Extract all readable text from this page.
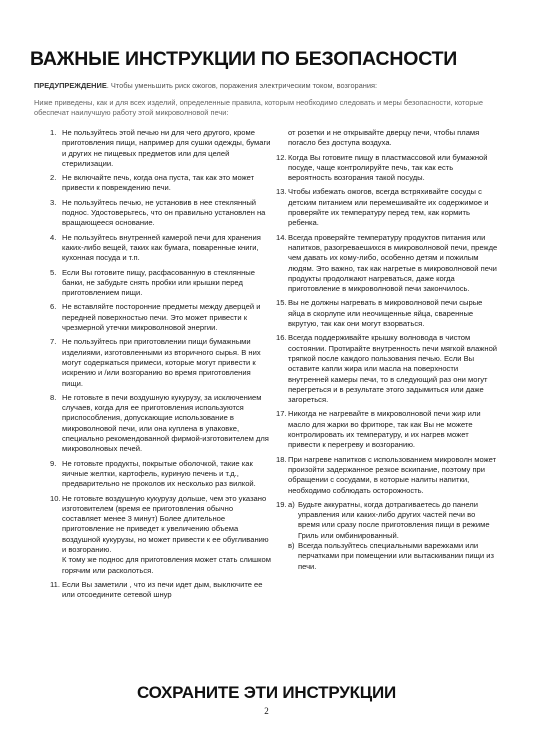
ВАЖНЫЕ ИНСТРУКЦИИ ПО БЕЗОПАСНОСТИ
ПРЕДУПРЕЖДЕНИЕ. Чтобы уменьшить риск ожогов, поражения электрическим током, возгорания:
Ниже приведены, как и для всех изделий, определенные правила, которым необходимо следовать и меры безопасности, которые обеспечат наилучшую работу этой микроволновой печи:
1. Не пользуйтесь этой печью ни для чего другого, кроме приготовления пищи, например для сушки одежды, бумаги и других не пищевых предметов или для целей стерилизации.
2. Не включайте печь, когда она пуста, так как это может привести к повреждению печи.
3. Не пользуйтесь печью, не установив в нее стеклянный поднос. Удостоверьтесь, что он правильно установлен на вращающееся основание.
4. Не пользуйтесь внутренней камерой печи для хранения каких-либо вещей, таких как бумага, поваренные книги, кухонная посуда и т.п.
5. Если Вы готовите пищу, расфасованную в стеклянные банки, не забудьте снять пробки или крышки перед приготовлением пищи.
6. Не вставляйте посторонние предметы между дверцей и передней поверхностью печи. Это может привести к чрезмерной утечки микроволновой энергии.
7. Не пользуйтесь при приготовлении пищи бумажными изделиями, изготовленными из вторичного сырья. В них могут содержаться примеси, которые могут привести к искрению и /или возгоранию во время приготовления пищи.
8. Не готовьте в печи воздушную кукурузу, за исключением случаев, когда для ее приготовления используются приспособления, допускающие использование в микроволновой печи, или она куплена в упаковке, специально рекомендованной фирмой-изготовителем для микроволновых печей.
9. Не готовьте продукты, покрытые оболочкой, такие как яичные желтки, картофель, куриную печень и т.д., предварительно не проколов их несколько раз вилкой.
10. Не готовьте воздушную кукурузу дольше, чем это указано изготовителем (время ее приготовления обычно составляет менее 3 минут) Более длительное приготовление не приведет к увеличению объема воздушной кукурузы, но может привести к ее обугливанию и возгоранию.
К тому же поднос для приготовления может стать слишком горячим или расколоться.
11. Если Вы заметили , что из печи идет дым, выключите ее или отсоедините сетевой шнур
от розетки и не открывайте дверцу печи, чтобы пламя погасло без доступа воздуха.
12. Когда Вы готовите пищу в пластмассовой или бумажной посуде, чаще контролируйте печь, так как есть вероятность возгорания такой посуды.
13. Чтобы избежать ожогов, всегда встряхивайте сосуды с детским питанием или перемешивайте их содержимое и проверяйте их температуру перед тем, как кормить ребенка.
14. Всегда проверяйте температуру продуктов питания или напитков, разогреваешихся в микроволновой печи, прежде чем давать их кому-либо, особенно детям и пожилым людям. Это важно, так как нагретые в микроволновой печи продукты продолжают нагреваться, даже когда приготовление в микроволновой печи закончилось.
15. Вы не должны нагревать в микроволновой печи сырые яйца в скорлупе или неочищенные яйца, сваренные вкрутую, так как они могут взорваться.
16. Всегда поддерживайте крышку волновода в чистом состоянии. Протирайте внутренность печи мягкой влажной тряпкой после каждого пользования печью. Если Вы оставите капли жира или масла на поверхности внутренней камеры печи, то в следующий раз они могут перегреться и в результате этого задымиться или даже загореться.
17. Никогда не нагревайте в микроволновой печи жир или масло для жарки во фритюре, так как Вы не можете контролировать их температуру, и их нагрев может привести к перегреву и возгоранию.
18. При нагреве напитков с использованием микроволн может произойти задержанное резкое вскипание, поэтому при обращении с сосудами, в которые налиты напитки, необходимо соблюдать осторожность.
19. а) Будьте аккуратны, когда дотрагиваетесь до панели управления или каких-либо других частей печи во время или сразу после приготовления пищи в режиме Гриль или омбинированный.
в) Всегда пользуйтесь специальными варежками или перчатками при помещении или вытаскивании пищи из печи.
СОХРАНИТЕ ЭТИ ИНСТРУКЦИИ
2
